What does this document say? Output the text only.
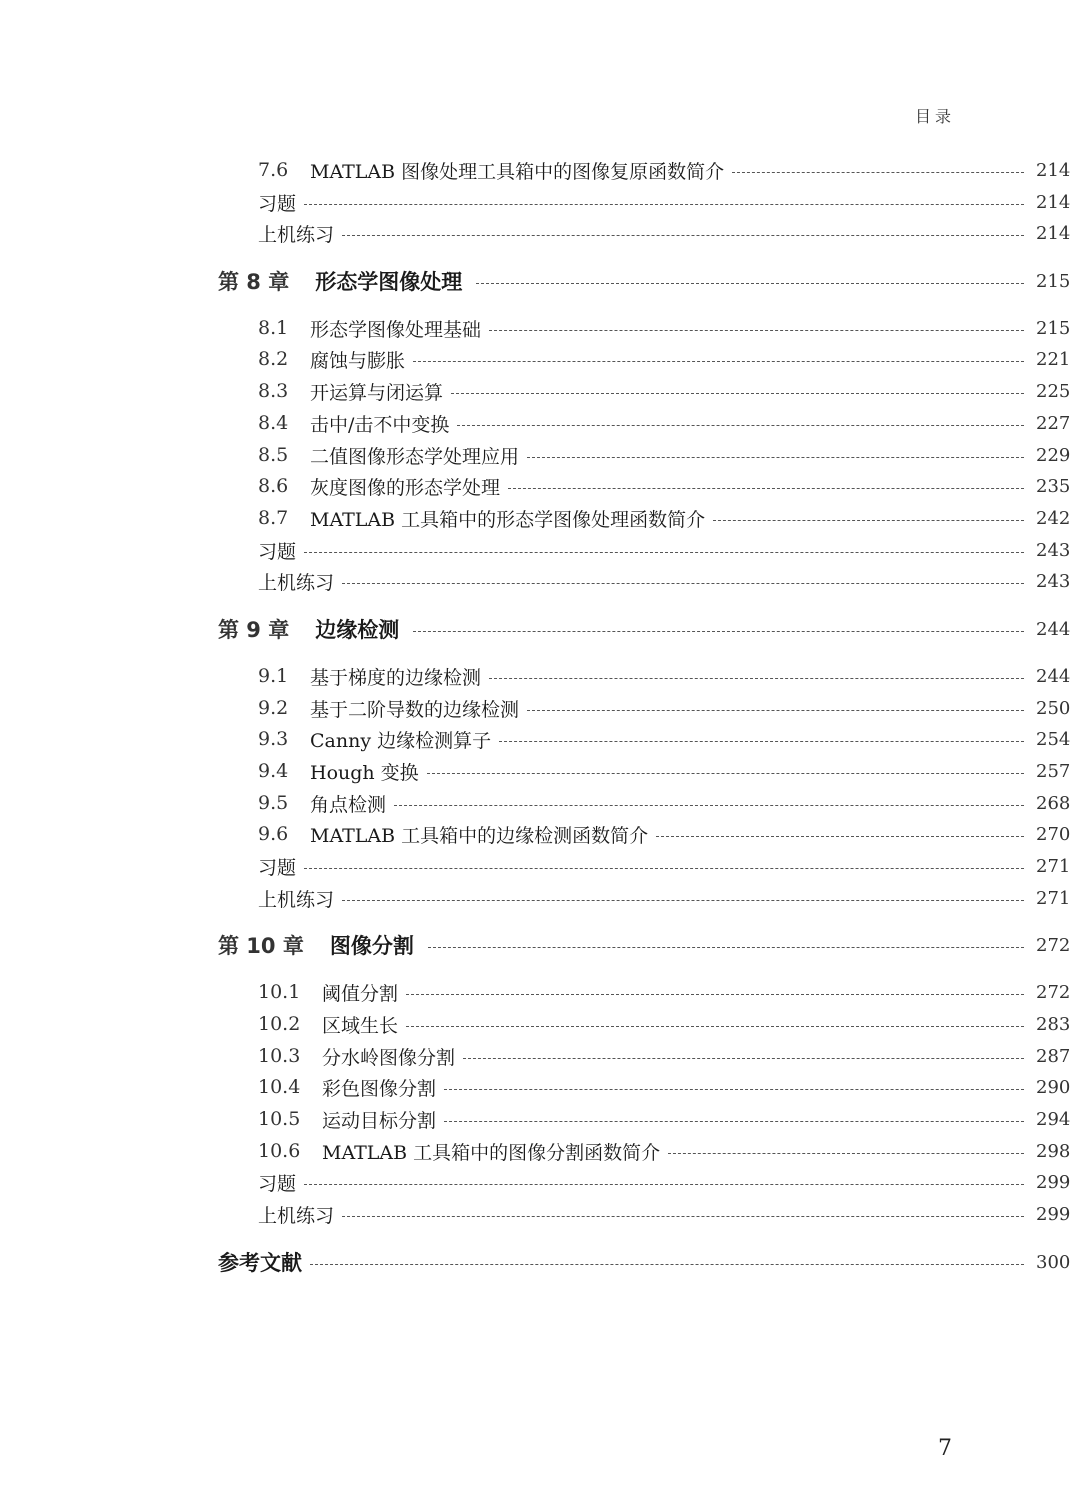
目录
7.6	MATLAB 图像处理工具箱中的图像复原函数简介	214
习题	214
上机练习	214
第 8 章 形态学图像处理	215
8.1	形态学图像处理基础	215
8.2	腐蚀与膨胀	221
8.3	开运算与闭运算	225
8.4	击中/击不中变换	227
8.5	二值图像形态学处理应用	229
8.6	灰度图像的形态学处理	235
8.7	MATLAB 工具箱中的形态学图像处理函数简介	242
习题	243
上机练习	243
第 9 章 边缘检测	244
9.1	基于梯度的边缘检测	244
9.2	基于二阶导数的边缘检测	250
9.3	Canny 边缘检测算子	254
9.4	Hough 变换	257
9.5	角点检测	268
9.6	MATLAB 工具箱中的边缘检测函数简介	270
习题	271
上机练习	271
第 10 章 图像分割	272
10.1	阈值分割	272
10.2	区域生长	283
10.3	分水岭图像分割	287
10.4	彩色图像分割	290
10.5	运动目标分割	294
10.6	MATLAB 工具箱中的图像分割函数简介	298
习题	299
上机练习	299
参考文献	300
7
